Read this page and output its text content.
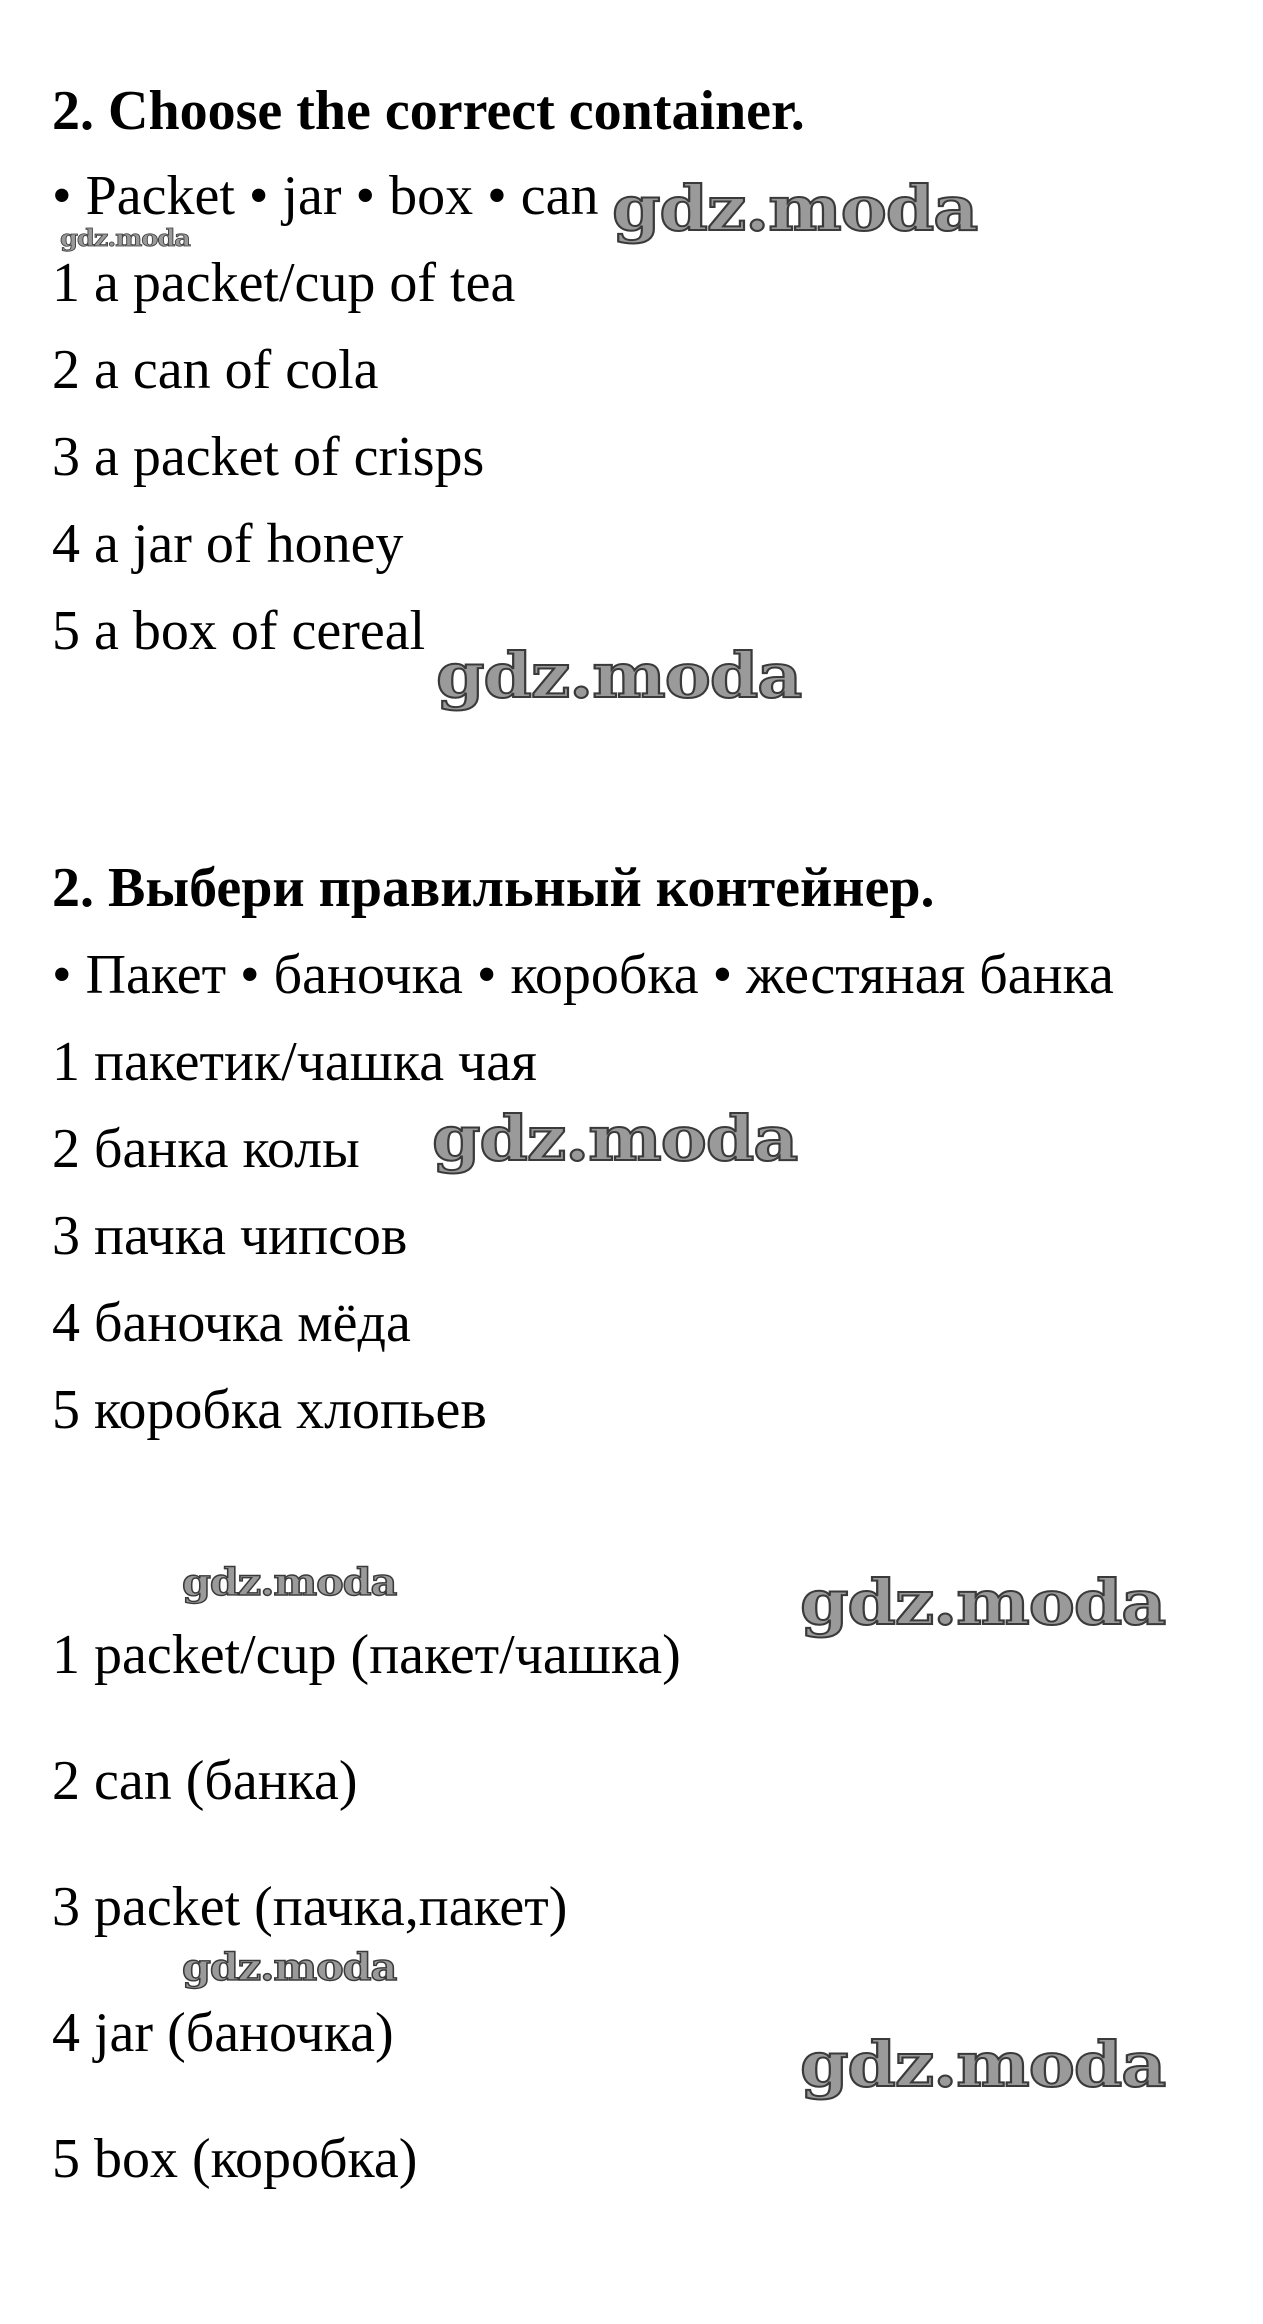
2. Choose the correct container.
• Packet • jar • box • can
1 a packet/cup of tea
2 a can of cola
3 a packet of crisps
4 a jar of honey
5 a box of cereal
2. Выбери правильный контейнер.
• Пакет • баночка • коробка • жестяная банка
1 пакетик/чашка чая
2 банка колы
3 пачка чипсов
4 баночка мёда
5 коробка хлопьев
1 packet/cup (пакет/чашка)
2 can (банка)
3 packet (пачка,пакет)
4 jar (баночка)
5 box (коробка)
gdz.moda
gdz.moda
gdz.moda
gdz.moda
gdz.moda	gdz.moda
gdz.moda
gdz.moda
